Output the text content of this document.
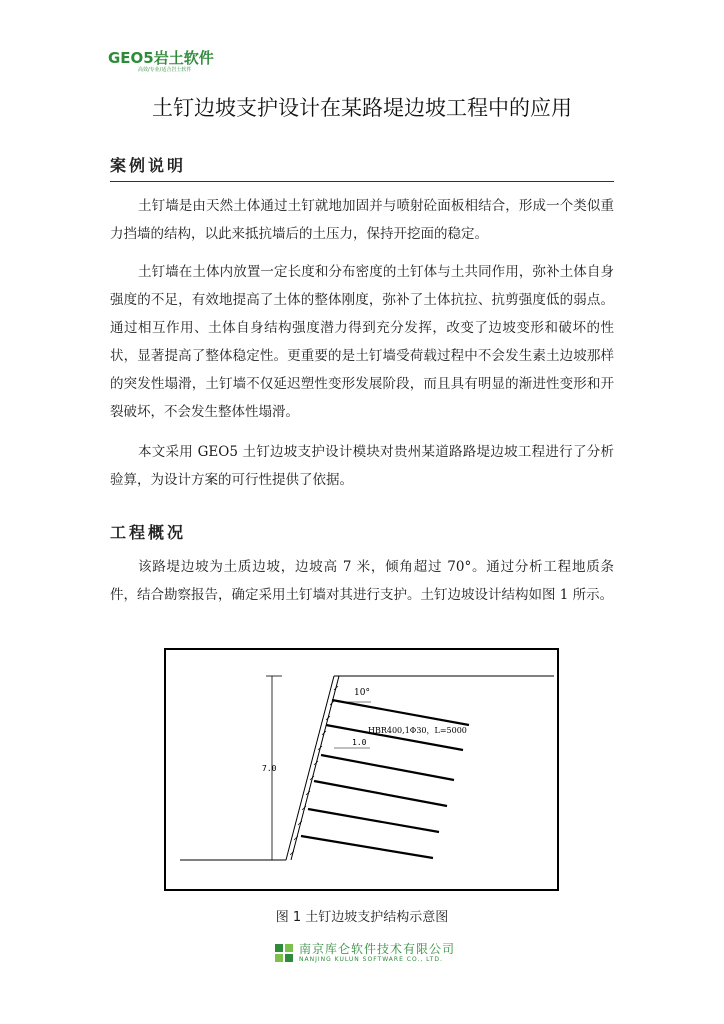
GEO5岩土软件
高效/专业/适合岩土软件
土钉边坡支护设计在某路堤边坡工程中的应用
案例说明

土钉墙是由天然土体通过土钉就地加固并与喷射砼面板相结合，形成一个类似重力挡墙的结构，以此来抵抗墙后的土压力，保持开挖面的稳定。

土钉墙在土体内放置一定长度和分布密度的土钉体与土共同作用，弥补土体自身强度的不足，有效地提高了土体的整体刚度，弥补了土体抗拉、抗剪强度低的弱点。通过相互作用、土体自身结构强度潜力得到充分发挥，改变了边坡变形和破坏的性状，显著提高了整体稳定性。更重要的是土钉墙受荷载过程中不会发生素土边坡那样的突发性塌滑，土钉墙不仅延迟塑性变形发展阶段，而且具有明显的渐进性变形和开裂破坏，不会发生整体性塌滑。

本文采用 GEO5 土钉边坡支护设计模块对贵州某道路路堤边坡工程进行了分析验算，为设计方案的可行性提供了依据。

工程概况

该路堤边坡为土质边坡，边坡高 7 米，倾角超过 70°。通过分析工程地质条件，结合勘察报告，确定采用土钉墙对其进行支护。土钉边坡设计结构如图 1 所示。

7.0
10°
HBR400,1Φ30，L=5000
1.0
图 1 土钉边坡支护结构示意图
南京库仑软件技术有限公司
NANJING KULUN SOFTWARE CO., LTD.
